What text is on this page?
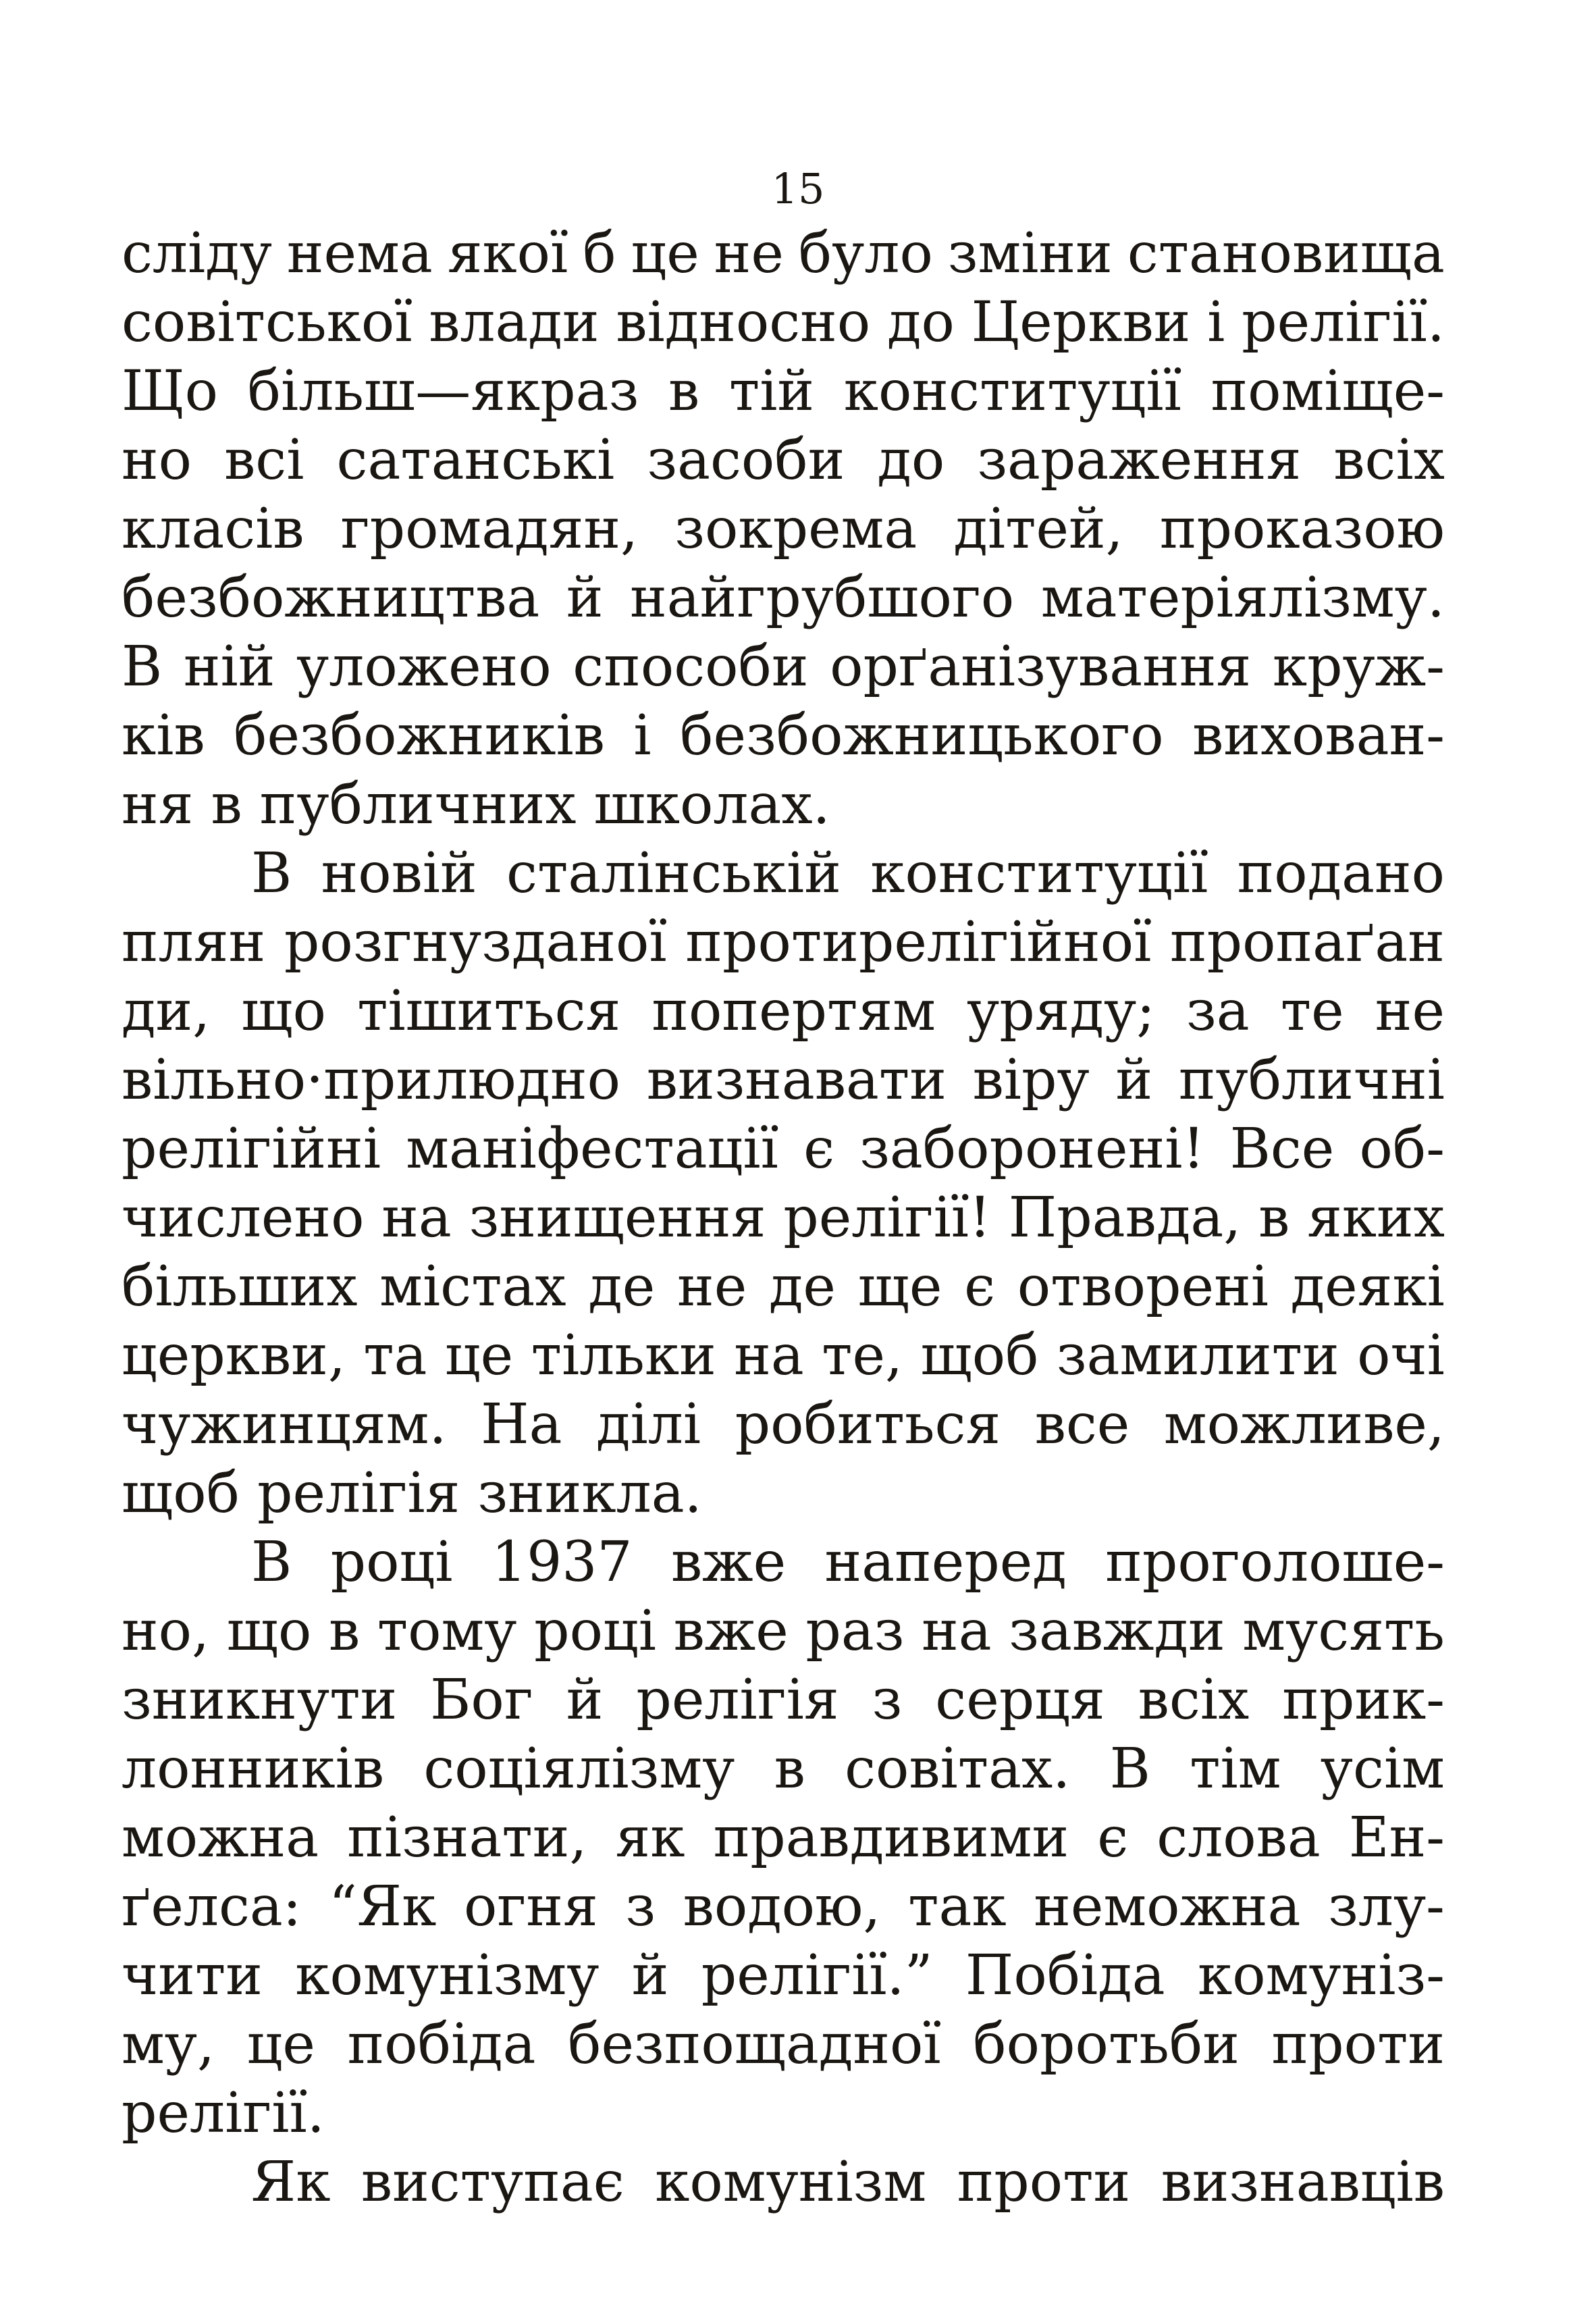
15
сліду нема якої б це не було зміни становища
совітської влади відносно до Церкви і релігії.
Що більш—якраз в тій конституції поміще-
но всі сатанські засоби до зараження всіх
класів громадян, зокрема дітей, проказою
безбожництва й найгрубшого матеріялізму.
В ній уложено способи орґанізування круж-
ків безбожників і безбожницького вихован-
ня в публичних школах.
В новій сталінській конституції подано
плян розгнузданої протирелігійної пропаґан
ди, що тішиться попертям уряду; за те не
вільно·прилюдно визнавати віру й публичні
релігійні маніфестації є заборонені! Все об-
числено на знищення релігії! Правда, в яких
більших містах де не де ще є отворені деякі
церкви, та це тільки на те, щоб замилити очі
чужинцям. На ділі робиться все можливе,
щоб релігія зникла.
В році 1937 вже наперед проголоше-
но, що в тому році вже раз на завжди мусять
зникнути Бог й релігія з серця всіх прик-
лонників соціялізму в совітах. В тім усім
можна пізнати, як правдивими є слова Ен-
ґелса: “Як огня з водою, так неможна злу-
чити комунізму й релігії.” Побіда комуніз-
му, це побіда безпощадної боротьби проти
релігії.
Як виступає комунізм проти визнавців
